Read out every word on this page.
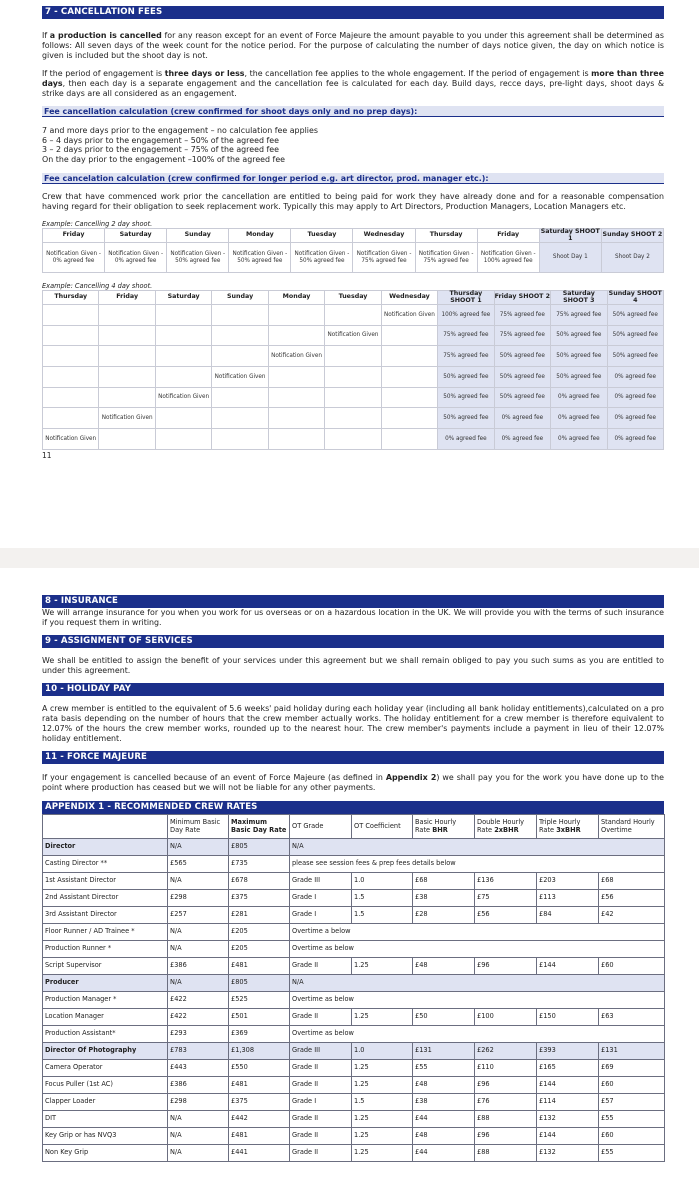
7 - CANCELLATION FEES

If a production is cancelled for any reason except for an event of Force Majeure the amount payable to you under this agreement shall be determined as follows: All seven days of the week count for the notice period. For the purpose of calculating the number of days notice given, the day on which notice is given is included but the shoot day is not.

If the period of engagement is three days or less, the cancellation fee applies to the whole engagement. If the period of engagement is more than three days, then each day is a separate engagement and the cancellation fee is calculated for each day. Build days, recce days, pre-light days, shoot days & strike days are all considered as an engagement.

Fee cancellation calculation (crew confirmed for shoot days only and no prep days):
7 and more days prior to the engagement – no calculation fee applies
6 – 4 days prior to the engagement – 50% of the agreed fee
3 – 2 days prior to the engagement – 75% of the agreed fee
On the day prior to the engagement –100% of the agreed fee
Fee cancelation calculation (crew confirmed for longer period e.g. art director, prod. manager etc.):

Crew that have commenced work prior the cancellation are entitled to being paid for work they have already done and for a reasonable compensation having regard for their obligation to seek replacement work. Typically this may apply to Art Directors, Production Managers, Location Managers etc.

Example: Cancelling 2 day shoot.
Friday	Saturday	Sunday	Monday	Tuesday	Wednesday	Thursday	Friday	Saturday SHOOT 1	Sunday SHOOT 2
Notification Given - 0% agreed fee	Notification Given - 0% agreed fee	Notification Given - 50% agreed fee	Notification Given - 50% agreed fee	Notification Given - 50% agreed fee	Notification Given - 75% agreed fee	Notification Given - 75% agreed fee	Notification Given - 100% agreed fee	Shoot Day 1	Shoot Day 2
Example: Cancelling 4 day shoot.
Thursday	Friday	Saturday	Sunday	Monday	Tuesday	Wednesday	Thursday SHOOT 1	Friday SHOOT 2	Saturday SHOOT 3	Sunday SHOOT 4
						Notification Given	100% agreed fee	75% agreed fee	75% agreed fee	50% agreed fee
					Notification Given		75% agreed fee	75% agreed fee	50% agreed fee	50% agreed fee
				Notification Given			75% agreed fee	50% agreed fee	50% agreed fee	50% agreed fee
			Notification Given				50% agreed fee	50% agreed fee	50% agreed fee	0% agreed fee
		Notification Given					50% agreed fee	50% agreed fee	0% agreed fee	0% agreed fee
	Notification Given						50% agreed fee	0% agreed fee	0% agreed fee	0% agreed fee
Notification Given							0% agreed fee	0% agreed fee	0% agreed fee	0% agreed fee
11
8 - INSURANCE

We will arrange insurance for you when you work for us overseas or on a hazardous location in the UK. We will provide you with the terms of such insurance if you request them in writing.

9 - ASSIGNMENT OF SERVICES

We shall be entitled to assign the benefit of your services under this agreement but we shall remain obliged to pay you such sums as you are entitled to under this agreement.

10 - HOLIDAY PAY

A crew member is entitled to the equivalent of 5.6 weeks' paid holiday during each holiday year (including all bank holiday entitlements),calculated on a pro rata basis depending on the number of hours that the crew member actually works. The holiday entitlement for a crew member is therefore equivalent to 12.07% of the hours the crew member works, rounded up to the nearest hour. The crew member's payments include a payment in lieu of their 12.07% holiday entitlement.

11 - FORCE MAJEURE

If your engagement is cancelled because of an event of Force Majeure (as defined in Appendix 2) we shall pay you for the work you have done up to the point where production has ceased but we will not be liable for any other payments.

APPENDIX 1 - RECOMMENDED CREW RATES
	Minimum Basic Day Rate	Maximum Basic Day Rate	OT Grade	OT Coefficient	Basic Hourly Rate BHR	Double Hourly Rate 2xBHR	Triple Hourly Rate 3xBHR	Standard Hourly Overtime
Director	N/A	£805	N/A					
Casting Director **	£565	£735	please see session fees & prep fees details below					
1st Assistant Director	N/A	£678	Grade III	1.0	£68	£136	£203	£68
2nd Assistant Director	£298	£375	Grade I	1.5	£38	£75	£113	£56
3rd Assistant Director	£257	£281	Grade I	1.5	£28	£56	£84	£42
Floor Runner / AD Trainee *	N/A	£205	Overtime a below					
Production Runner *	N/A	£205	Overtime as below					
Script Supervisor	£386	£481	Grade II	1.25	£48	£96	£144	£60
Producer	N/A	£805	N/A					
Production Manager *	£422	£525	Overtime as below					
Location Manager	£422	£501	Grade II	1.25	£50	£100	£150	£63
Production Assistant*	£293	£369	Overtime as below					
Director Of Photography	£783	£1,308	Grade III	1.0	£131	£262	£393	£131
Camera Operator	£443	£550	Grade II	1.25	£55	£110	£165	£69
Focus Puller (1st AC)	£386	£481	Grade II	1.25	£48	£96	£144	£60
Clapper Loader	£298	£375	Grade I	1.5	£38	£76	£114	£57
DIT	N/A	£442	Grade II	1.25	£44	£88	£132	£55
Key Grip or has NVQ3	N/A	£481	Grade II	1.25	£48	£96	£144	£60
Non Key Grip	N/A	£441	Grade II	1.25	£44	£88	£132	£55
